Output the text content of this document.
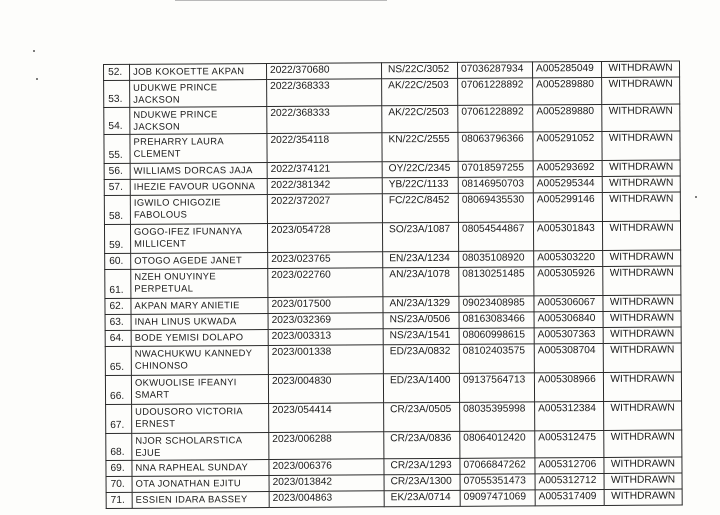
52.	JOB KOKOETTE AKPAN	2022/370680	NS/22C/3052	07036287934	A005285049	WITHDRAWN
53.	UDUKWE PRINCE JACKSON	2022/368333	AK/22C/2503	07061228892	A005289880	WITHDRAWN
54.	NDUKWE PRINCE JACKSON	2022/368333	AK/22C/2503	07061228892	A005289880	WITHDRAWN
55.	PREHARRY LAURA CLEMENT	2022/354118	KN/22C/2555	08063796366	A005291052	WITHDRAWN
56.	WILLIAMS DORCAS JAJA	2022/374121	OY/22C/2345	07018597255	A005293692	WITHDRAWN
57.	IHEZIE FAVOUR UGONNA	2022/381342	YB/22C/1133	08146950703	A005295344	WITHDRAWN
58.	IGWILO CHIGOZIE FABOLOUS	2022/372027	FC/22C/8452	08069435530	A005299146	WITHDRAWN
59.	GOGO-IFEZ IFUNANYA MILLICENT	2023/054728	SO/23A/1087	08054544867	A005301843	WITHDRAWN
60.	OTOGO AGEDE JANET	2023/023765	EN/23A/1234	08035108920	A005303220	WITHDRAWN
61.	NZEH ONUYINYE PERPETUAL	2023/022760	AN/23A/1078	08130251485	A005305926	WITHDRAWN
62.	AKPAN MARY ANIETIE	2023/017500	AN/23A/1329	09023408985	A005306067	WITHDRAWN
63.	INAH LINUS UKWADA	2023/032369	NS/23A/0506	08163083466	A005306840	WITHDRAWN
64.	BODE YEMISI DOLAPO	2023/003313	NS/23A/1541	08060998615	A005307363	WITHDRAWN
65.	NWACHUKWU KANNEDY CHINONSO	2023/001338	ED/23A/0832	08102403575	A005308704	WITHDRAWN
66.	OKWUOLISE IFEANYI SMART	2023/004830	ED/23A/1400	09137564713	A005308966	WITHDRAWN
67.	UDOUSORO VICTORIA ERNEST	2023/054414	CR/23A/0505	08035395998	A005312384	WITHDRAWN
68.	NJOR SCHOLARSTICA EJUE	2023/006288	CR/23A/0836	08064012420	A005312475	WITHDRAWN
69.	NNA RAPHEAL SUNDAY	2023/006376	CR/23A/1293	07066847262	A005312706	WITHDRAWN
70.	OTA JONATHAN EJITU	2023/013842	CR/23A/1300	07055351473	A005312712	WITHDRAWN
71.	ESSIEN IDARA BASSEY	2023/004863	EK/23A/0714	09097471069	A005317409	WITHDRAWN
